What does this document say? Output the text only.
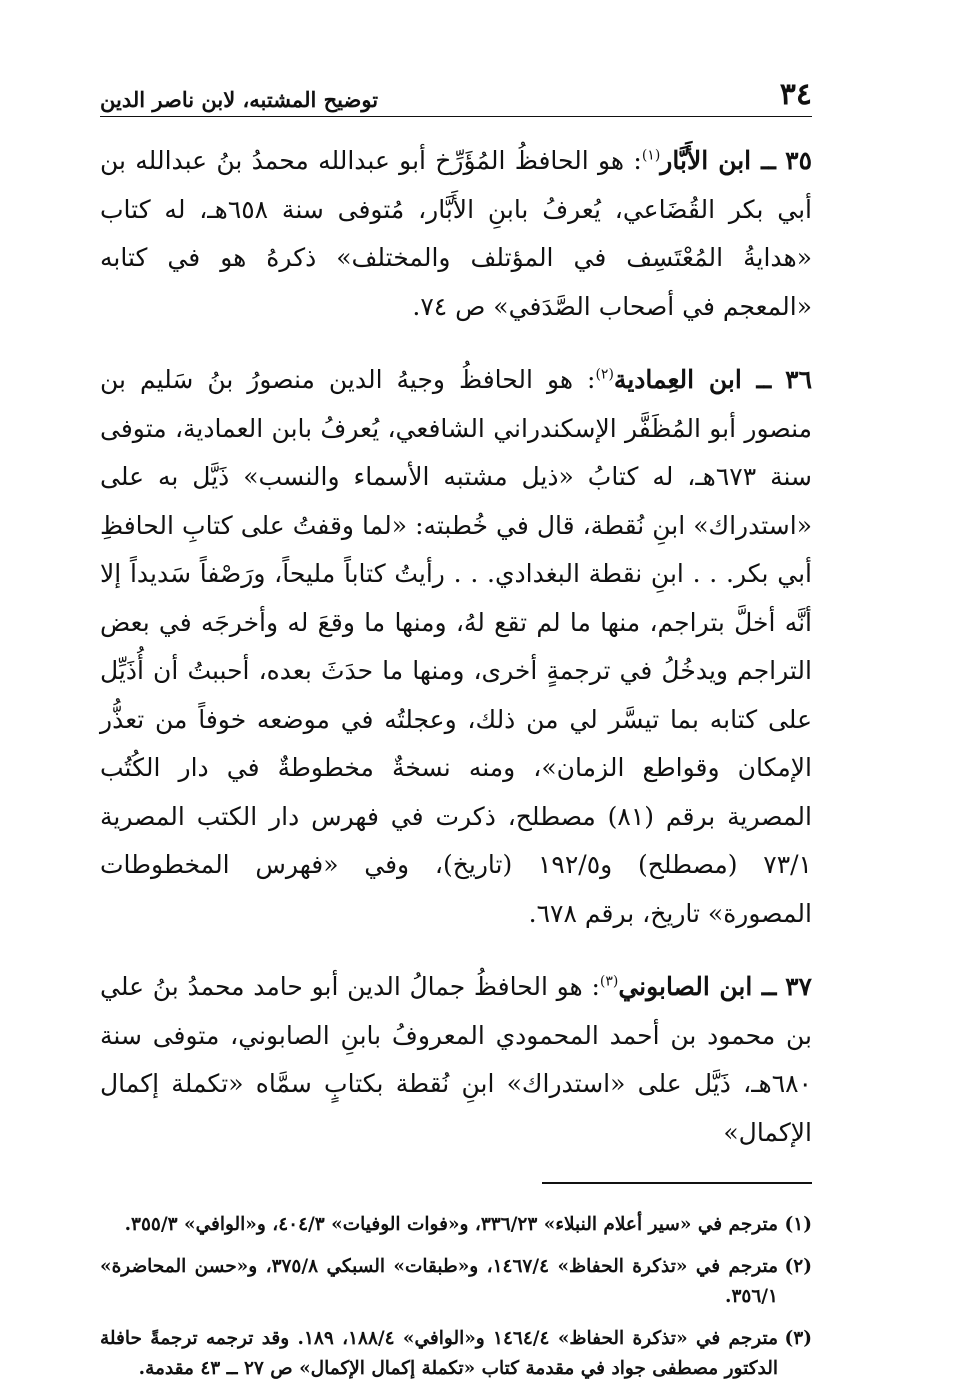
٣٤
توضيح المشتبه، لابن ناصر الدين

٣٥ ــ ابن الأَبَّار$^{(١)}$: هو الحافظُ المُؤَرِّخ أبو عبدالله محمدُ بنُ عبدالله بن أبي بكر القُضَاعي، يُعرفُ بابنِ الأَبَّار، مُتوفى سنة ٦٥٨هـ، له كتاب «هدايةُ المُعْتَسِف في المؤتلف والمختلف» ذكرهُ هو في كتابه «المعجم في أصحاب الصَّدَفي» ص ٧٤.

٣٦ ــ ابن العِمادية$^{(٢)}$: هو الحافظُ وجيهُ الدين منصورُ بنُ سَليم بن منصور أبو المُظَفَّر الإسكندراني الشافعي، يُعرفُ بابن العمادية، متوفى سنة ٦٧٣هـ، له كتابُ «ذيل مشتبه الأسماء والنسب» ذَيَّل به على «استدراك» ابنِ نُقطة، قال في خُطبته: «لما وقفتُ على كتابِ الحافظِ أبي بكر. . . ابنِ نقطة البغدادي. . . رأيتُ كتاباً مليحاً، ورَصْفاً سَديداً إلا أنَّه أخلَّ بتراجم، منها ما لم تقع لهُ، ومنها ما وقعَ له وأخرجَه في بعض التراجم ويدخُلُ في ترجمةٍ أخرى، ومنها ما حدَثَ بعده، أحببتُ أن أُذَيِّل على كتابه بما تيسَّر لي من ذلك، وعجلتُه في موضعه خوفاً من تعذُّر الإمكان وقواطع الزمان»، ومنه نسخةٌ مخطوطةٌ في دار الكُتُب المصرية برقم (٨١) مصطلح، ذكرت في فهرس دار الكتب المصرية ٧٣/١ (مصطلح) و١٩٢/٥ (تاريخ)، وفي «فهرس المخطوطات المصورة» تاريخ، برقم ٦٧٨.

٣٧ ــ ابن الصابوني$^{(٣)}$: هو الحافظُ جمالُ الدين أبو حامد محمدُ بنُ علي بن محمود بن أحمد المحمودي المعروفُ بابنِ الصابوني، متوفى سنة ٦٨٠هـ، ذَيَّل على «استدراك» ابنِ نُقطة بكتابٍ سمَّاه «تكملة إكمال الإكمال»

(١)مترجم في «سير أعلام النبلاء» ٣٣٦/٢٣، و«فوات الوفيات» ٤٠٤/٣، و«الوافي» ٣٥٥/٣.

(٢)مترجم في «تذكرة الحفاظ» ١٤٦٧/٤، و«طبقات» السبكي ٣٧٥/٨، و«حسن المحاضرة» ٣٥٦/١.

(٣)مترجم في «تذكرة الحفاظ» ١٤٦٤/٤ و«الوافي» ١٨٨/٤، ١٨٩. وقد ترجمه ترجمةً حافلة الدكتور مصطفى جواد في مقدمة كتاب «تكملة إكمال الإكمال» ص ٢٧ ــ ٤٣ مقدمة.
